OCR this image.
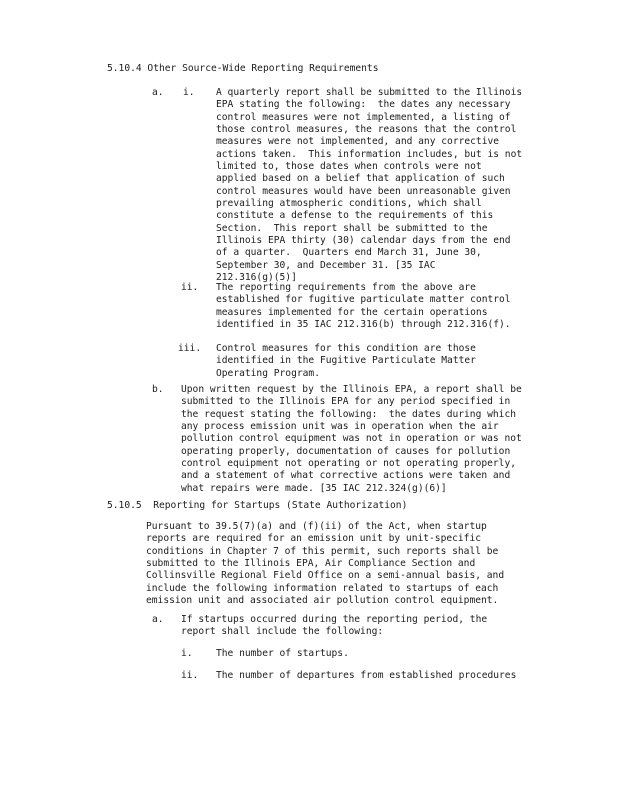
5.10.4 Other Source-Wide Reporting Requirements
a. i. A quarterly report shall be submitted to the Illinois
EPA stating the following:  the dates any necessary
control measures were not implemented, a listing of
those control measures, the reasons that the control
measures were not implemented, and any corrective
actions taken.  This information includes, but is not
limited to, those dates when controls were not
applied based on a belief that application of such
control measures would have been unreasonable given
prevailing atmospheric conditions, which shall
constitute a defense to the requirements of this
Section.  This report shall be submitted to the
Illinois EPA thirty (30) calendar days from the end
of a quarter.  Quarters end March 31, June 30,
September 30, and December 31. [35 IAC
212.316(g)(5)]
ii. The reporting requirements from the above are
established for fugitive particulate matter control
measures implemented for the certain operations
identified in 35 IAC 212.316(b) through 212.316(f).
iii. Control measures for this condition are those
identified in the Fugitive Particulate Matter
Operating Program.
b. Upon written request by the Illinois EPA, a report shall be
submitted to the Illinois EPA for any period specified in
the request stating the following:  the dates during which
any process emission unit was in operation when the air
pollution control equipment was not in operation or was not
operating properly, documentation of causes for pollution
control equipment not operating or not operating properly,
and a statement of what corrective actions were taken and
what repairs were made. [35 IAC 212.324(g)(6)]
5.10.5  Reporting for Startups (State Authorization)
Pursuant to 39.5(7)(a) and (f)(ii) of the Act, when startup
reports are required for an emission unit by unit-specific
conditions in Chapter 7 of this permit, such reports shall be
submitted to the Illinois EPA, Air Compliance Section and
Collinsville Regional Field Office on a semi-annual basis, and
include the following information related to startups of each
emission unit and associated air pollution control equipment.
a. If startups occurred during the reporting period, the
report shall include the following:
i. The number of startups.
ii. The number of departures from established procedures
